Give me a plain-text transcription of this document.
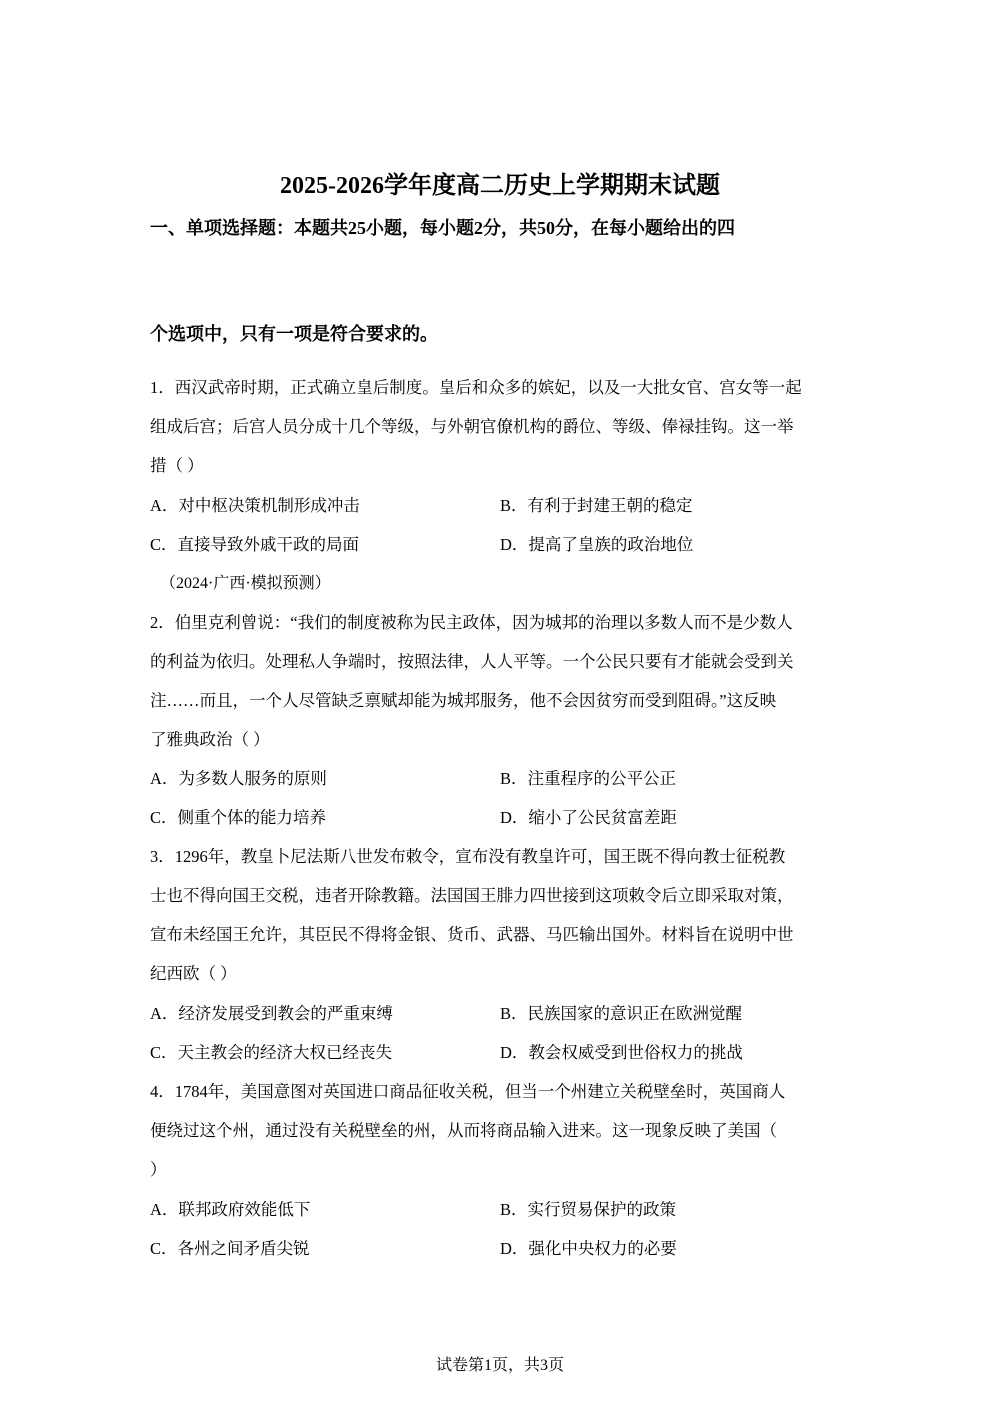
2025-2026学年度高二历史上学期期末试题
一、单项选择题：本题共25小题，每小题2分，共50分，在每小题给出的四
个选项中，只有一项是符合要求的。
1．西汉武帝时期，正式确立皇后制度。皇后和众多的嫔妃，以及一大批女官、宫女等一起
组成后宫；后宫人员分成十几个等级，与外朝官僚机构的爵位、等级、俸禄挂钩。这一举
措（ ）
A．对中枢决策机制形成冲击	B．有利于封建王朝的稳定
C．直接导致外戚干政的局面	D．提高了皇族的政治地位
（2024·广西·模拟预测）
2．伯里克利曾说：“我们的制度被称为民主政体，因为城邦的治理以多数人而不是少数人
的利益为依归。处理私人争端时，按照法律，人人平等。一个公民只要有才能就会受到关
注……而且，一个人尽管缺乏禀赋却能为城邦服务，他不会因贫穷而受到阻碍。”这反映
了雅典政治（ ）
A．为多数人服务的原则	B．注重程序的公平公正
C．侧重个体的能力培养	D．缩小了公民贫富差距
3．1296年，教皇卜尼法斯八世发布敕令，宣布没有教皇许可，国王既不得向教士征税教
士也不得向国王交税，违者开除教籍。法国国王腓力四世接到这项敕令后立即采取对策，
宣布未经国王允许，其臣民不得将金银、货币、武器、马匹输出国外。材料旨在说明中世
纪西欧（ ）
A．经济发展受到教会的严重束缚	B．民族国家的意识正在欧洲觉醒
C．天主教会的经济大权已经丧失	D．教会权威受到世俗权力的挑战
4．1784年，美国意图对英国进口商品征收关税，但当一个州建立关税壁垒时，英国商人
便绕过这个州，通过没有关税壁垒的州，从而将商品输入进来。这一现象反映了美国（
）
A．联邦政府效能低下	B．实行贸易保护的政策
C．各州之间矛盾尖锐	D．强化中央权力的必要
试卷第1页，共3页
